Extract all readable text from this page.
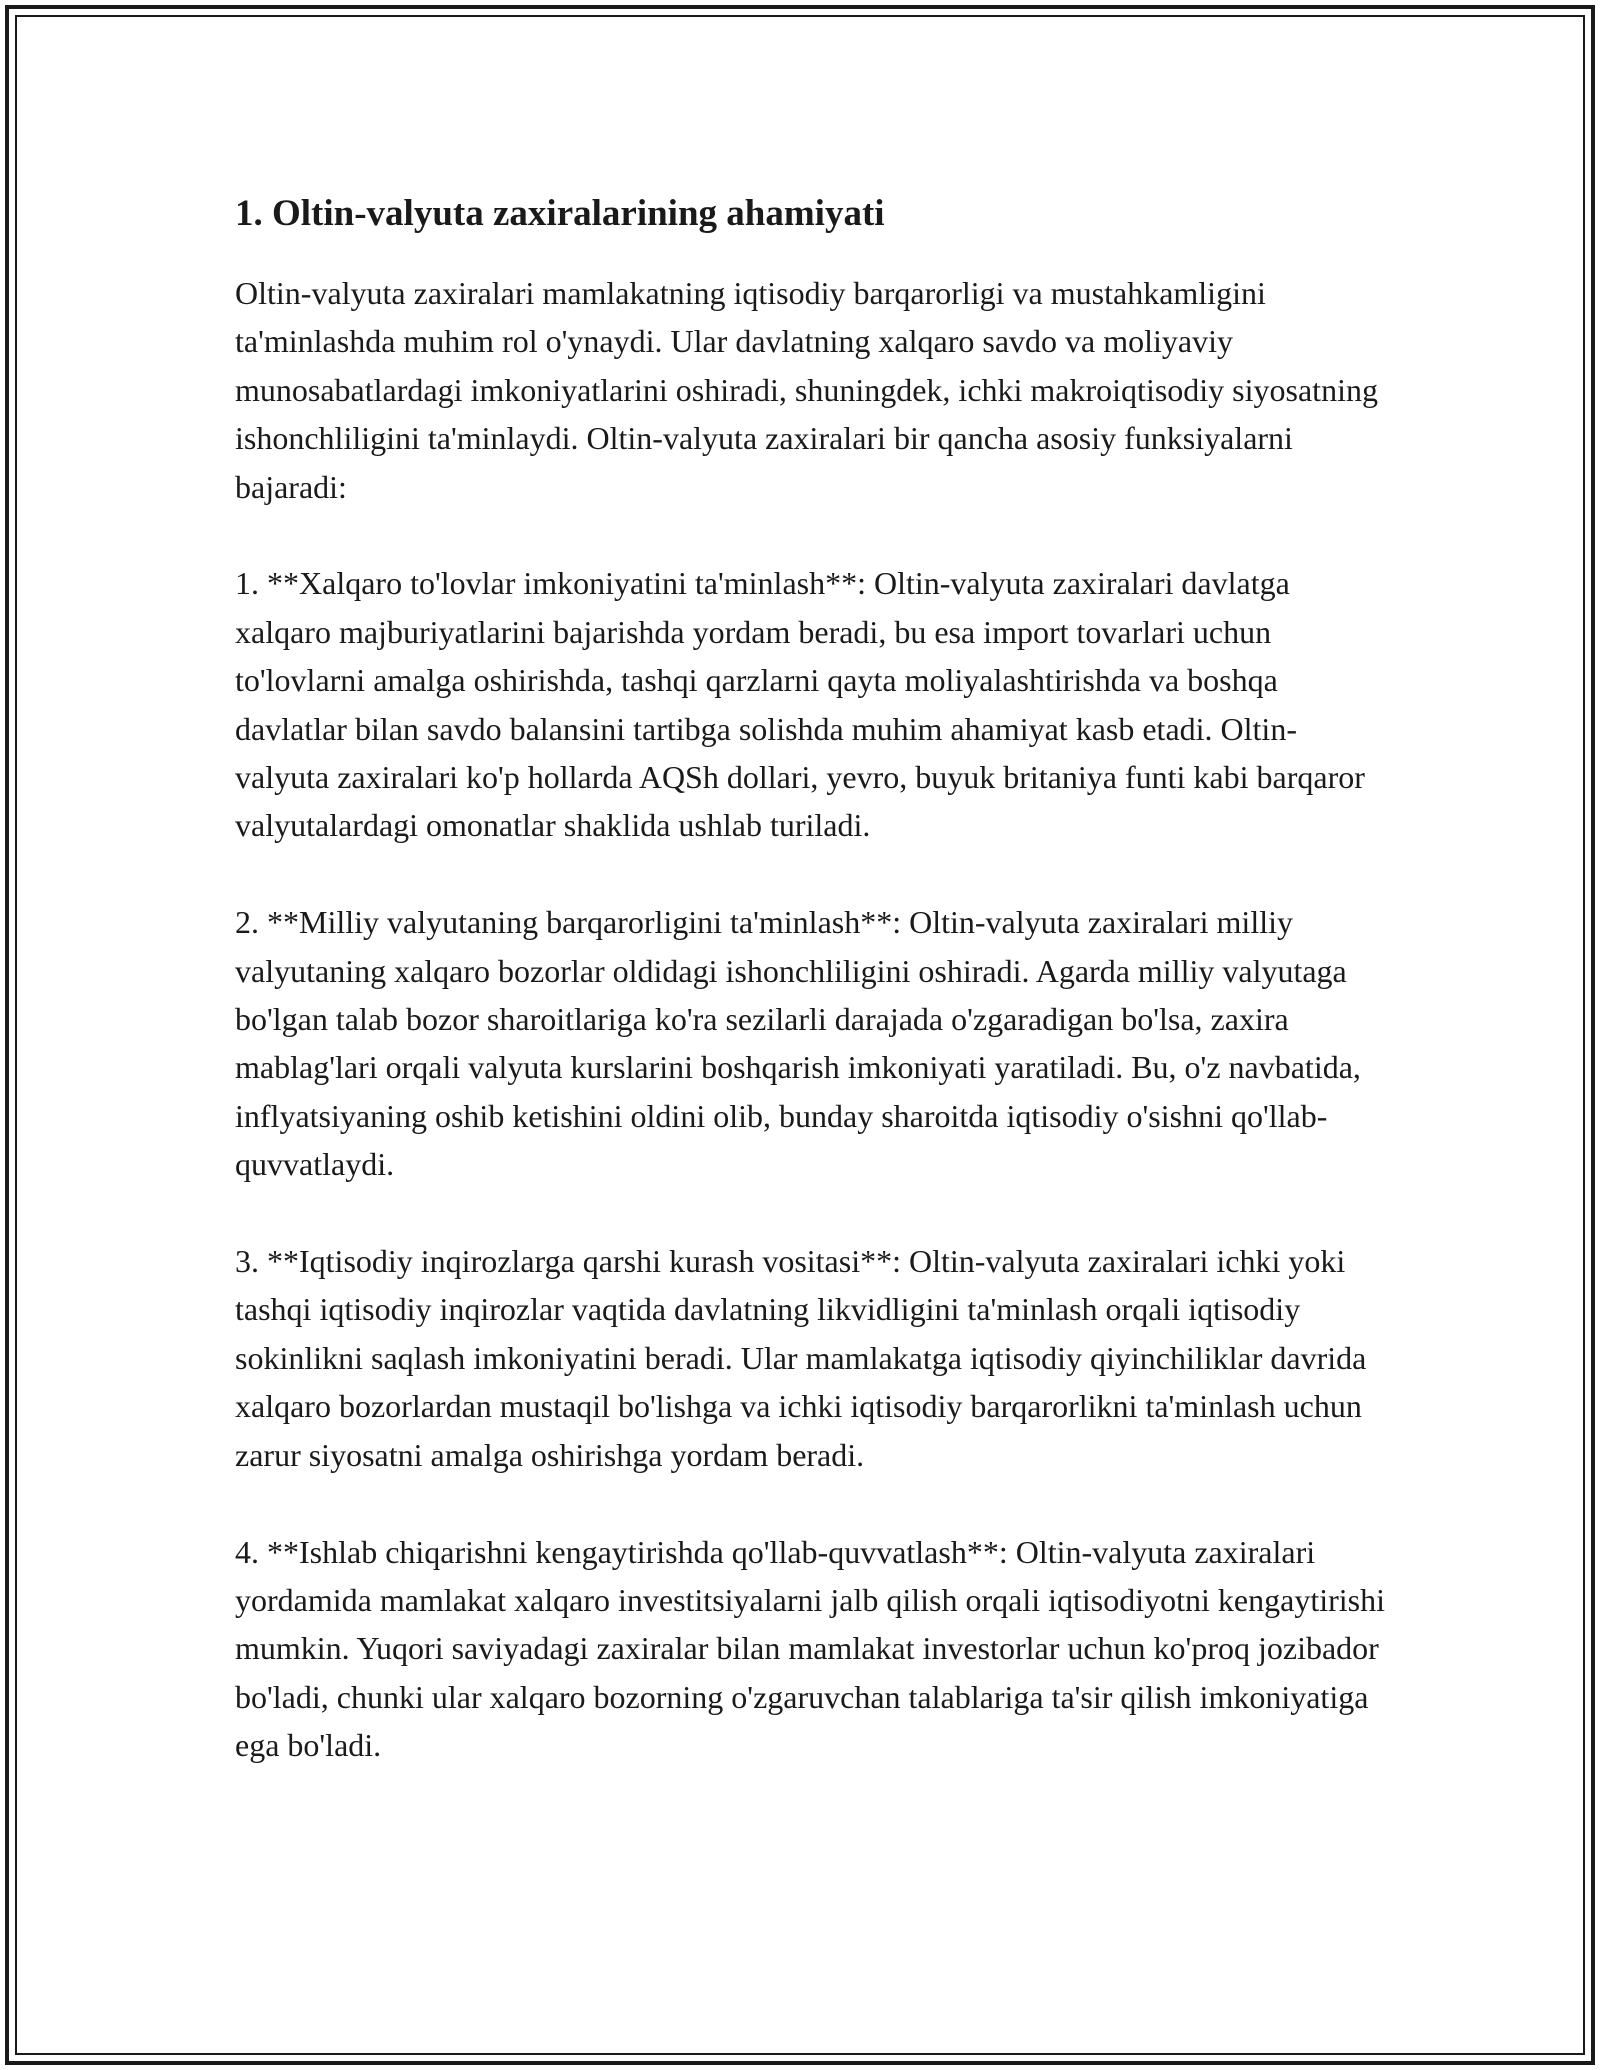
1. Oltin-valyuta zaxiralarining ahamiyati

Oltin-valyuta zaxiralari mamlakatning iqtisodiy barqarorligi va mustahkamligini ta'minlashda muhim rol o'ynaydi. Ular davlatning xalqaro savdo va moliyaviy munosabatlardagi imkoniyatlarini oshiradi, shuningdek, ichki makroiqtisodiy siyosatning ishonchliligini ta'minlaydi. Oltin-valyuta zaxiralari bir qancha asosiy funksiyalarni bajaradi:

1. **Xalqaro to'lovlar imkoniyatini ta'minlash**: Oltin-valyuta zaxiralari davlatga xalqaro majburiyatlarini bajarishda yordam beradi, bu esa import tovarlari uchun to'lovlarni amalga oshirishda, tashqi qarzlarni qayta moliyalashtirishda va boshqa davlatlar bilan savdo balansini tartibga solishda muhim ahamiyat kasb etadi. Oltin-valyuta zaxiralari ko'p hollarda AQSh dollari, yevro, buyuk britaniya funti kabi barqaror valyutalardagi omonatlar shaklida ushlab turiladi.

2. **Milliy valyutaning barqarorligini ta'minlash**: Oltin-valyuta zaxiralari milliy valyutaning xalqaro bozorlar oldidagi ishonchliligini oshiradi. Agarda milliy valyutaga bo'lgan talab bozor sharoitlariga ko'ra sezilarli darajada o'zgaradigan bo'lsa, zaxira mablag'lari orqali valyuta kurslarini boshqarish imkoniyati yaratiladi. Bu, o'z navbatida, inflyatsiyaning oshib ketishini oldini olib, bunday sharoitda iqtisodiy o'sishni qo'llab-quvvatlaydi.

3. **Iqtisodiy inqirozlarga qarshi kurash vositasi**: Oltin-valyuta zaxiralari ichki yoki tashqi iqtisodiy inqirozlar vaqtida davlatning likvidligini ta'minlash orqali iqtisodiy sokinlikni saqlash imkoniyatini beradi. Ular mamlakatga iqtisodiy qiyinchiliklar davrida xalqaro bozorlardan mustaqil bo'lishga va ichki iqtisodiy barqarorlikni ta'minlash uchun zarur siyosatni amalga oshirishga yordam beradi.

4. **Ishlab chiqarishni kengaytirishda qo'llab-quvvatlash**: Oltin-valyuta zaxiralari yordamida mamlakat xalqaro investitsiyalarni jalb qilish orqali iqtisodiyotni kengaytirishi mumkin. Yuqori saviyadagi zaxiralar bilan mamlakat investorlar uchun ko'proq jozibador bo'ladi, chunki ular xalqaro bozorning o'zgaruvchan talablariga ta'sir qilish imkoniyatiga ega bo'ladi.
